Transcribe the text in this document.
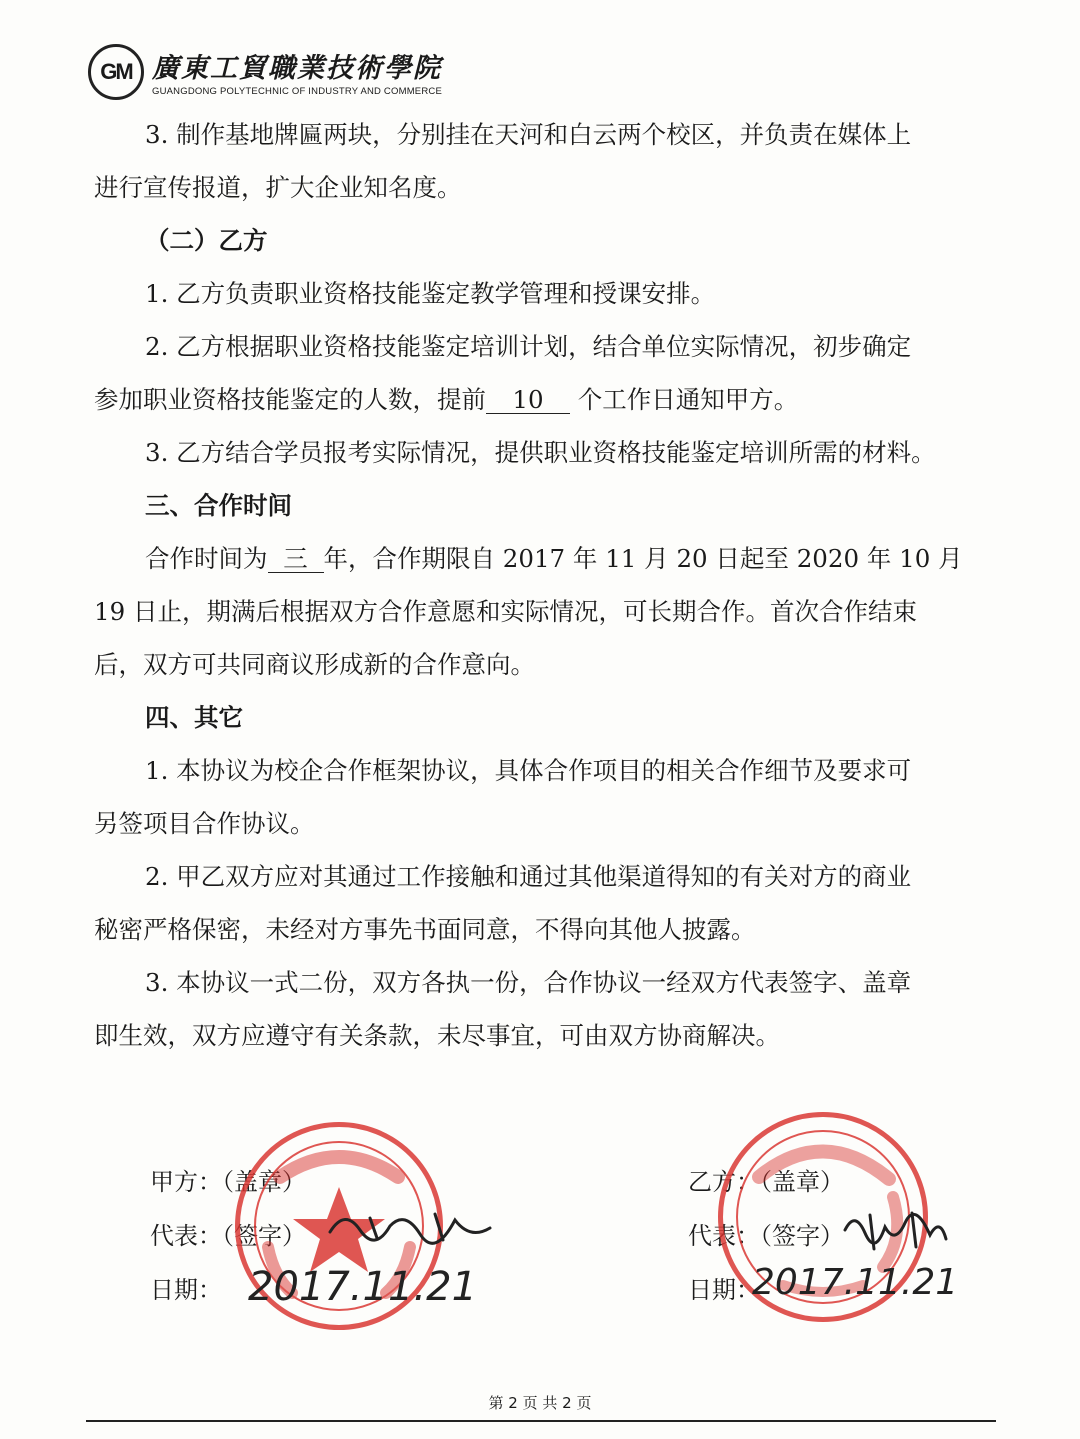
GM 廣東工貿職業技術學院
GUANGDONG POLYTECHNIC OF INDUSTRY AND COMMERCE
3. 制作基地牌匾两块，分别挂在天河和白云两个校区，并负责在媒体上
进行宣传报道，扩大企业知名度。
（二）乙方
1. 乙方负责职业资格技能鉴定教学管理和授课安排。
2. 乙方根据职业资格技能鉴定培训计划，结合单位实际情况，初步确定
参加职业资格技能鉴定的人数，提前 10 个工作日通知甲方。
3. 乙方结合学员报考实际情况，提供职业资格技能鉴定培训所需的材料。
三、合作时间
合作时间为 三 年，合作期限自 2017 年 11 月 20 日起至 2020 年 10 月
19 日止，期满后根据双方合作意愿和实际情况，可长期合作。首次合作结束
后，双方可共同商议形成新的合作意向。
四、其它
1. 本协议为校企合作框架协议，具体合作项目的相关合作细节及要求可
另签项目合作协议。
2. 甲乙双方应对其通过工作接触和通过其他渠道得知的有关对方的商业
秘密严格保密，未经对方事先书面同意，不得向其他人披露。
3. 本协议一式二份，双方各执一份，合作协议一经双方代表签字、盖章
即生效，双方应遵守有关条款，未尽事宜，可由双方协商解决。
甲方：（盖章）
代表：（签字）
日期： 2017.11.21
乙方：（盖章）
代表：（签字）
日期：
2017.11.21
第 2 页 共 2 页
